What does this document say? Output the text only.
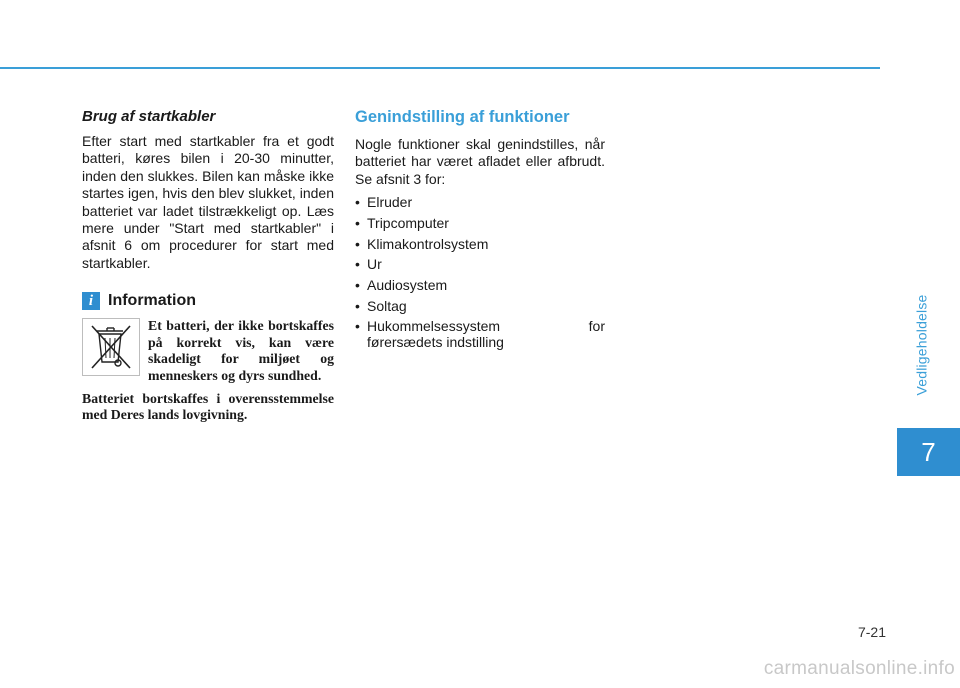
Vedligeholdelse
7

Brug af startkabler

Efter start med startkabler fra et godt batteri, køres bilen i 20-30 minutter, inden den slukkes. Bilen kan måske ikke startes igen, hvis den blev slukket, inden batteriet var ladet tilstrækkeligt op. Læs mere under "Start med startkabler" i afsnit 6 om procedurer for start med startkabler.

i Information

Et batteri, der ikke bortskaffes på korrekt vis, kan være skadeligt for miljøet og menneskers og dyrs sundhed.

Batteriet bortskaffes i overensstemmelse med Deres lands lovgivning.

Genindstilling af funktioner

Nogle funktioner skal genindstilles, når batteriet har været afladet eller afbrudt. Se afsnit 3 for:

• Elruder
• Tripcomputer
• Klimakontrolsystem
• Ur
• Audiosystem
• Soltag
• Hukommelsessystem for
førersædets indstilling
7-21
carmanualsonline.info
